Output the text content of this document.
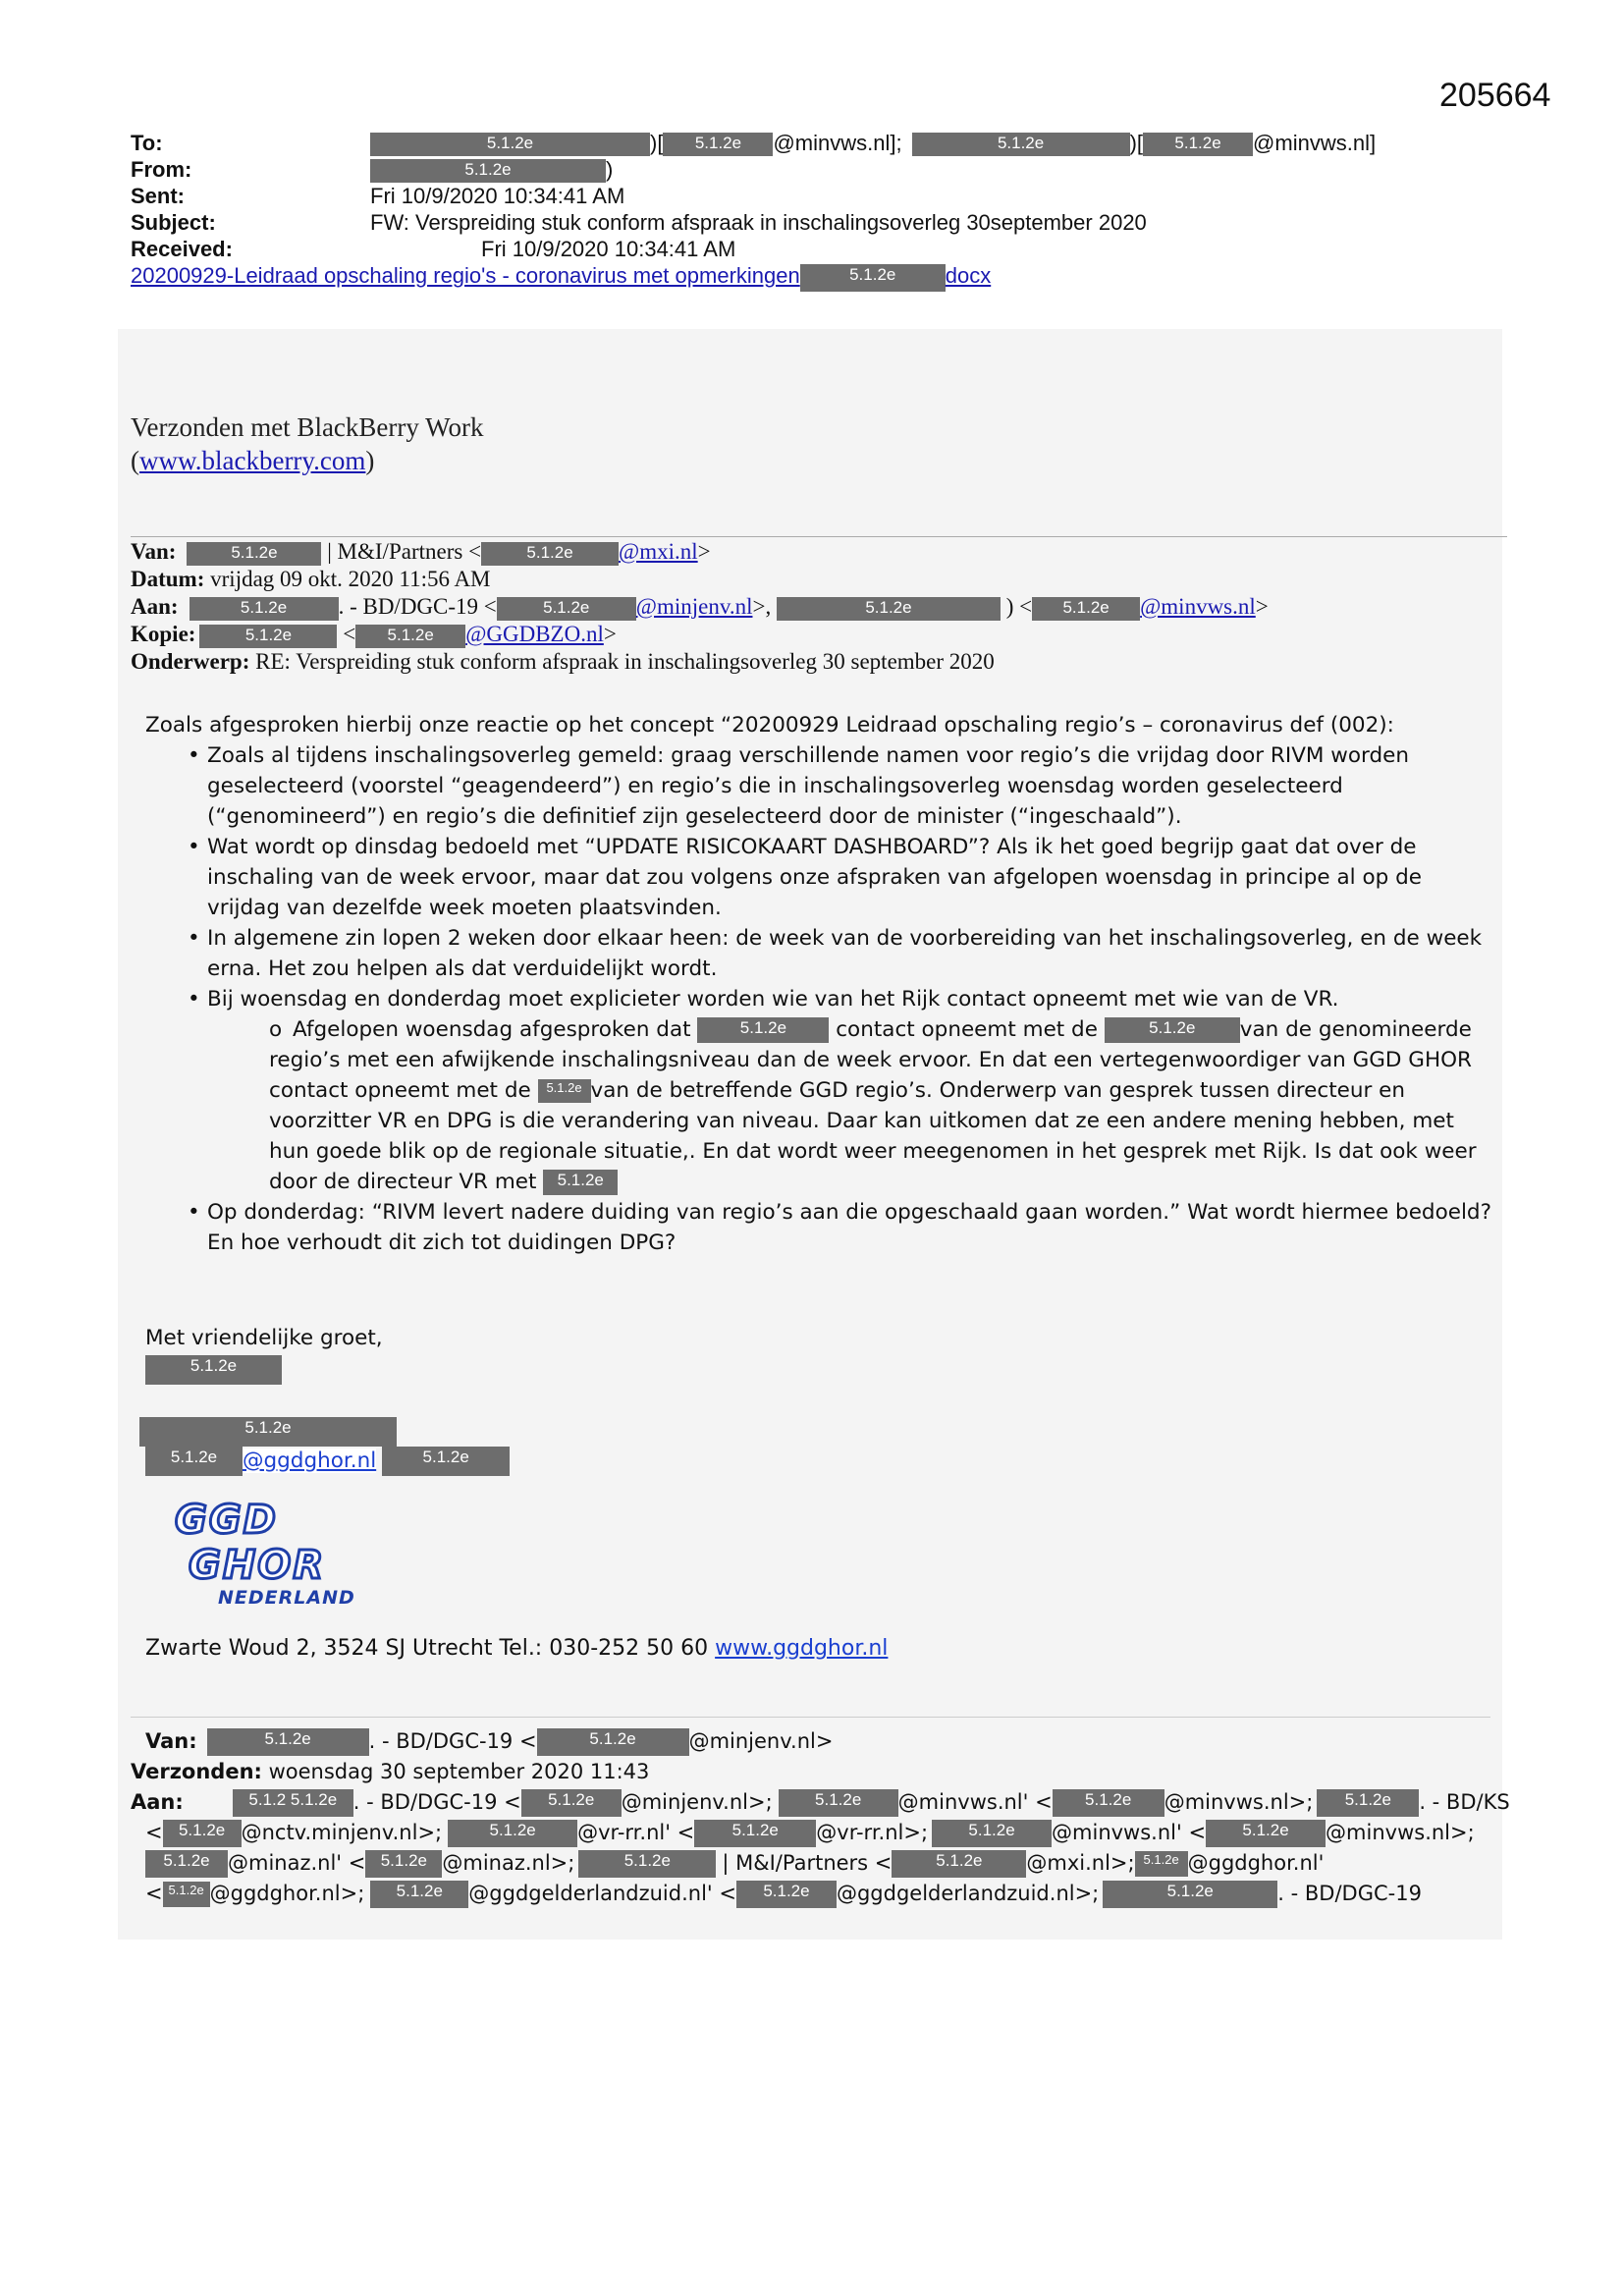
205664
To:	5.1.2e	)[ 5.1.2e @minvws.nl];	5.1.2e	)[ 5.1.2e @minvws.nl]
From:	5.1.2e	)
Sent:	Fri 10/9/2020 10:34:41 AM
Subject:	FW: Verspreiding stuk conform afspraak in inschalingsoverleg 30september 2020
Received:	Fri 10/9/2020 10:34:41 AM
20200929-Leidraad opschaling regio's - coronavirus met opmerkingen	5.1.2e docx
Verzonden met BlackBerry Work
(www.blackberry.com)
Van:	5.1.2e | M&I/Partners <	5.1.2e @mxi.nl>
Datum: vrijdag 09 okt. 2020 11:56 AM
Aan:	5.1.2e . - BD/DGC-19 <	5.1.2e @minjenv.nl>,	5.1.2e	) < 5.1.2e @minvws.nl>
Kopie:	5.1.2e < 5.1.2e @GGDBZO.nl>
Onderwerp: RE: Verspreiding stuk conform afspraak in inschalingsoverleg 30 september 2020
Zoals afgesproken hierbij onze reactie op het concept “20200929 Leidraad opschaling regio’s – coronavirus def (002):
• Zoals al tijdens inschalingsoverleg gemeld: graag verschillende namen voor regio’s die vrijdag door RIVM worden geselecteerd (voorstel “geagendeerd”) en regio’s die in inschalingsoverleg woensdag worden geselecteerd (“genomineerd”) en regio’s die definitief zijn geselecteerd door de minister (“ingeschaald”).
• Wat wordt op dinsdag bedoeld met “UPDATE RISICOKAART DASHBOARD”? Als ik het goed begrijp gaat dat over de inschaling van de week ervoor, maar dat zou volgens onze afspraken van afgelopen woensdag in principe al op de vrijdag van dezelfde week moeten plaatsvinden.
• In algemene zin lopen 2 weken door elkaar heen: de week van de voorbereiding van het inschalingsoverleg, en de week erna. Het zou helpen als dat verduidelijkt wordt.
• Bij woensdag en donderdag moet explicieter worden wie van het Rijk contact opneemt met wie van de VR.
o Afgelopen woensdag afgesproken dat	5.1.2e contact opneemt met de	5.1.2e van de genomineerde regio’s met een afwijkende inschalingsniveau dan de week ervoor. En dat een vertegenwoordiger van GGD GHOR contact opneemt met de 5.1.2e van de betreffende GGD regio’s. Onderwerp van gesprek tussen directeur en voorzitter VR en DPG is die verandering van niveau. Daar kan uitkomen dat ze een andere mening hebben, met hun goede blik op de regionale situatie,. En dat wordt weer meegenomen in het gesprek met Rijk. Is dat ook weer door de directeur VR met 5.1.2e
• Op donderdag: “RIVM levert nadere duiding van regio’s aan die opgeschaald gaan worden.” Wat wordt hiermee bedoeld? En hoe verhoudt dit zich tot duidingen DPG?
Met vriendelijke groet,
5.1.2e
5.1.2e
5.1.2e @ggdghor.nl	5.1.2e
GGD
GHOR
NEDERLAND
Zwarte Woud 2, 3524 SJ Utrecht Tel.: 030-252 50 60 www.ggdghor.nl
Van:	5.1.2e	. - BD/DGC-19 <	5.1.2e	@minjenv.nl>
Verzonden: woensdag 30 september 2020 11:43
Aan:	5.1.2 5.1.2e . - BD/DGC-19 < 5.1.2e @minjenv.nl>;	5.1.2e @minvws.nl' < 5.1.2e @minvws.nl>; 5.1.2e . - BD/KS
< 5.1.2e @nctv.minjenv.nl>;	5.1.2e @vr-rr.nl' < 5.1.2e @vr-rr.nl>; 5.1.2e @minvws.nl' < 5.1.2e @minvws.nl>;
5.1.2e @minaz.nl' < 5.1.2e @minaz.nl>;	5.1.2e | M&I/Partners <	5.1.2e @mxi.nl>; 5.1.2e @ggdghor.nl'
< 5.1.2e @ggdghor.nl>; 5.1.2e @ggdgelderlandzuid.nl' < 5.1.2e @ggdgelderlandzuid.nl>;	5.1.2e	. - BD/DGC-19
